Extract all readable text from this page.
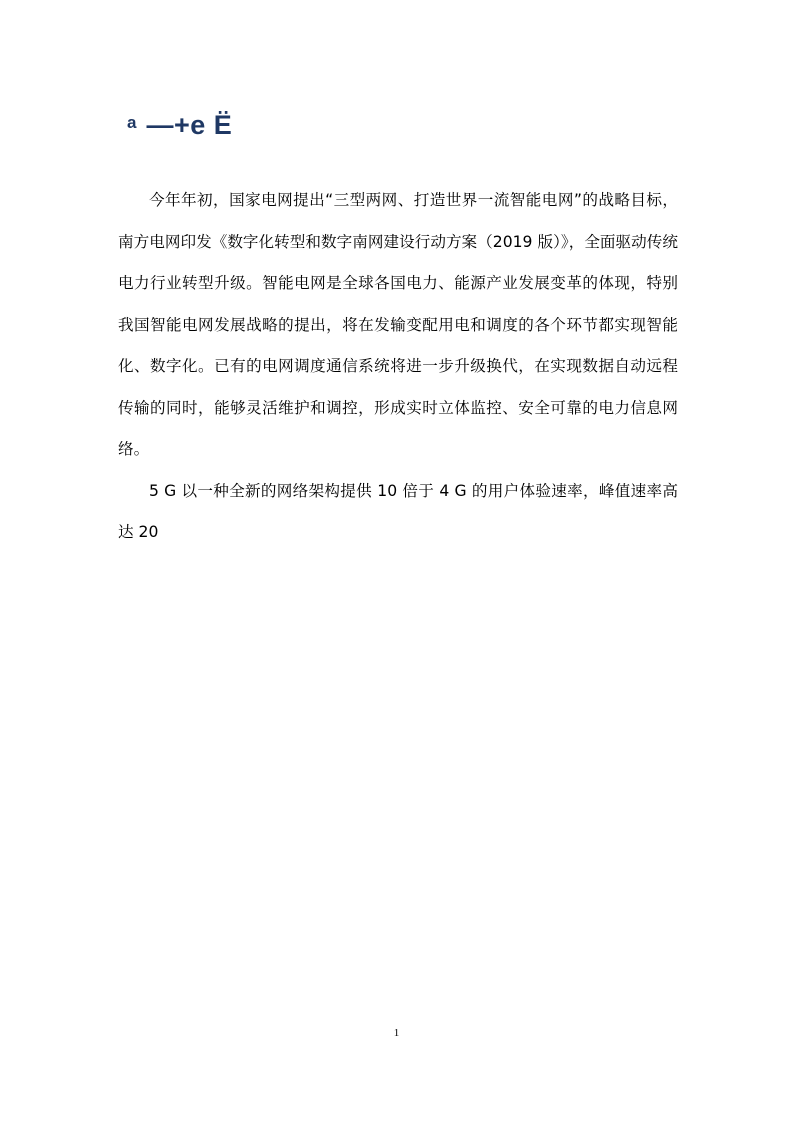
a —+e Ë

今年年初，国家电网提出“三型两网、打造世界一流智能电网”的战略目标，南方电网印发《数字化转型和数字南网建设行动方案（2019 版）》，全面驱动传统电力行业转型升级。智能电网是全球各国电力、能源产业发展变革的体现，特别我国智能电网发展战略的提出，将在发输变配用电和调度的各个环节都实现智能化、数字化。已有的电网调度通信系统将进一步升级换代，在实现数据自动远程传输的同时，能够灵活维护和调控，形成实时立体监控、安全可靠的电力信息网络。

5 G 以一种全新的网络架构提供 10 倍于 4 G 的用户体验速率，峰值速率高达 20

1
